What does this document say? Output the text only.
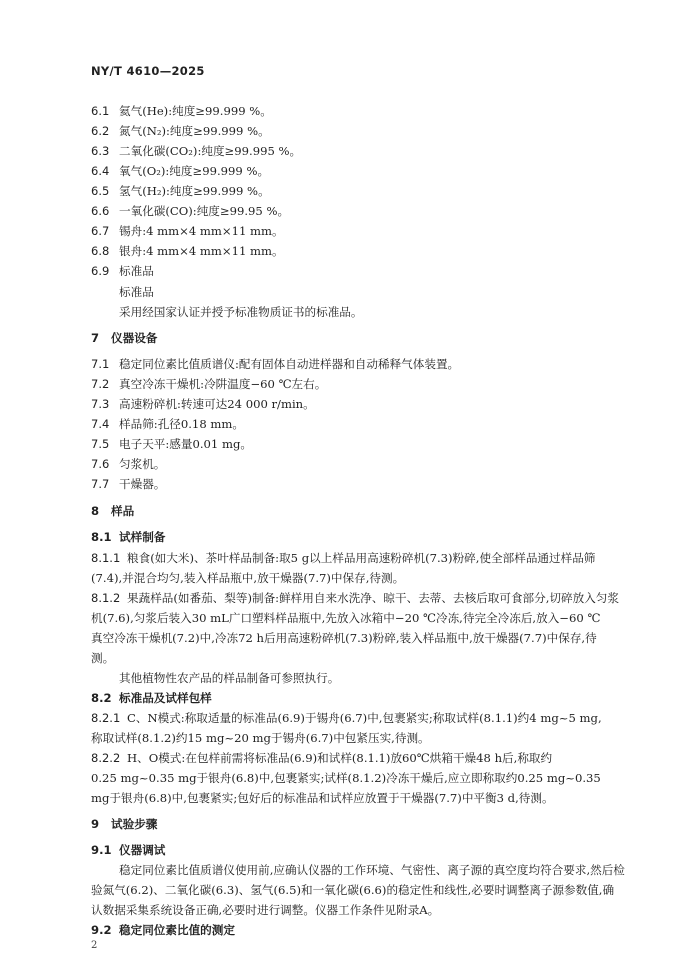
NY/T 4610—2025
6.1 氦气(He):纯度≥99.999 %。
6.2 氮气(N₂):纯度≥99.999 %。
6.3 二氧化碳(CO₂):纯度≥99.995 %。
6.4 氧气(O₂):纯度≥99.999 %。
6.5 氢气(H₂):纯度≥99.999 %。
6.6 一氧化碳(CO):纯度≥99.95 %。
6.7 锡舟:4 mm×4 mm×11 mm。
6.8 银舟:4 mm×4 mm×11 mm。
6.9 标准品
标准品
采用经国家认证并授予标准物质证书的标准品。
7 仪器设备
7.1 稳定同位素比值质谱仪:配有固体自动进样器和自动稀释气体装置。
7.2 真空冷冻干燥机:冷阱温度−60 ℃左右。
7.3 高速粉碎机:转速可达24 000 r/min。
7.4 样品筛:孔径0.18 mm。
7.5 电子天平:感量0.01 mg。
7.6 匀浆机。
7.7 干燥器。
8 样品
8.1 试样制备
8.1.1 粮食(如大米)、茶叶样品制备:取5 g以上样品用高速粉碎机(7.3)粉碎,使全部样品通过样品筛
(7.4),并混合均匀,装入样品瓶中,放干燥器(7.7)中保存,待测。
8.1.2 果蔬样品(如番茄、梨等)制备:鲜样用自来水洗净、晾干、去蒂、去核后取可食部分,切碎放入匀浆
机(7.6),匀浆后装入30 mL广口塑料样品瓶中,先放入冰箱中−20 ℃冷冻,待完全冷冻后,放入−60 ℃
真空冷冻干燥机(7.2)中,冷冻72 h后用高速粉碎机(7.3)粉碎,装入样品瓶中,放干燥器(7.7)中保存,待
测。
其他植物性农产品的样品制备可参照执行。
8.2 标准品及试样包样
8.2.1 C、N模式:称取适量的标准品(6.9)于锡舟(6.7)中,包裹紧实;称取试样(8.1.1)约4 mg~5 mg,
称取试样(8.1.2)约15 mg~20 mg于锡舟(6.7)中包紧压实,待测。
8.2.2 H、O模式:在包样前需将标准品(6.9)和试样(8.1.1)放60℃烘箱干燥48 h后,称取约
0.25 mg~0.35 mg于银舟(6.8)中,包裹紧实;试样(8.1.2)冷冻干燥后,应立即称取约0.25 mg~0.35
mg于银舟(6.8)中,包裹紧实;包好后的标准品和试样应放置于干燥器(7.7)中平衡3 d,待测。
9 试验步骤
9.1 仪器调试
稳定同位素比值质谱仪使用前,应确认仪器的工作环境、气密性、离子源的真空度均符合要求,然后检
验氮气(6.2)、二氧化碳(6.3)、氢气(6.5)和一氧化碳(6.6)的稳定性和线性,必要时调整离子源参数值,确
认数据采集系统设备正确,必要时进行调整。仪器工作条件见附录A。
9.2 稳定同位素比值的测定
2
